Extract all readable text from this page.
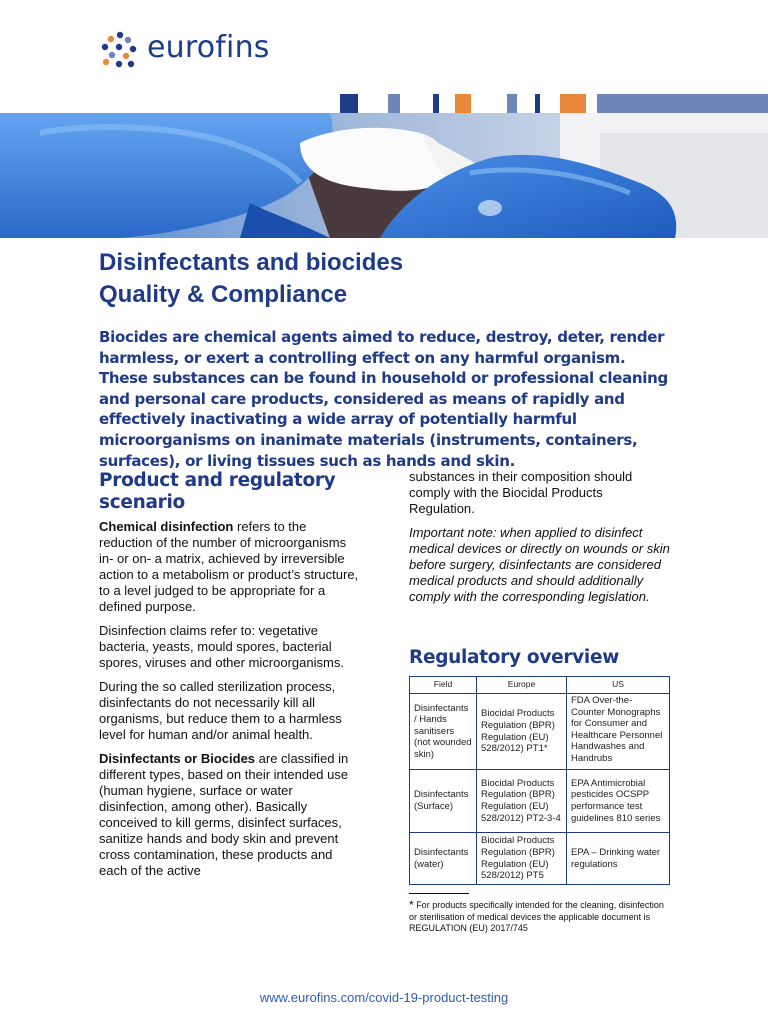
eurofins
Disinfectants and biocides
Quality & Compliance
Biocides are chemical agents aimed to reduce, destroy, deter, render harmless, or exert a controlling effect on any harmful organism. These substances can be found in household or professional cleaning and personal care products, considered as means of rapidly and effectively inactivating a wide array of potentially harmful microorganisms on inanimate materials (instruments, containers, surfaces), or living tissues such as hands and skin.
Product and regulatory
scenario

Chemical disinfection refers to the reduction of the number of microorganisms in- or on- a matrix, achieved by irreversible action to a metabolism or product’s structure, to a level judged to be appropriate for a defined purpose.

Disinfection claims refer to: vegetative bacteria, yeasts, mould spores, bacterial spores, viruses and other microorganisms.

During the so called sterilization process, disinfectants do not necessarily kill all organisms, but reduce them to a harmless level for human and/or animal health.

Disinfectants or Biocides are classified in different types, based on their intended use (human hygiene, surface or water disinfection, among other). Basically conceived to kill germs, disinfect surfaces, sanitize hands and body skin and prevent cross contamination, these products and each of the active

substances in their composition should comply with the Biocidal Products Regulation.

Important note: when applied to disinfect medical devices or directly on wounds or skin before surgery, disinfectants are considered medical products and should additionally comply with the corresponding legislation.

Regulatory overview
Field	Europe	US
Disinfectants / Hands sanitisers (not wounded skin)	Biocidal Products Regulation (BPR) Regulation (EU) 528/2012) PT1*	FDA Over-the-Counter Monographs for Consumer and Healthcare Personnel Handwashes and Handrubs
Disinfectants (Surface)	Biocidal Products Regulation (BPR) Regulation (EU) 528/2012) PT2-3-4	EPA Antimicrobial pesticides OCSPP performance test guidelines 810 series
Disinfectants (water)	Biocidal Products Regulation (BPR) Regulation (EU) 528/2012) PT5	EPA – Drinking water regulations
* For products specifically intended for the cleaning, disinfection or sterilisation of medical devices the applicable document is REGULATION (EU) 2017/745
www.eurofins.com/covid-19-product-testing
